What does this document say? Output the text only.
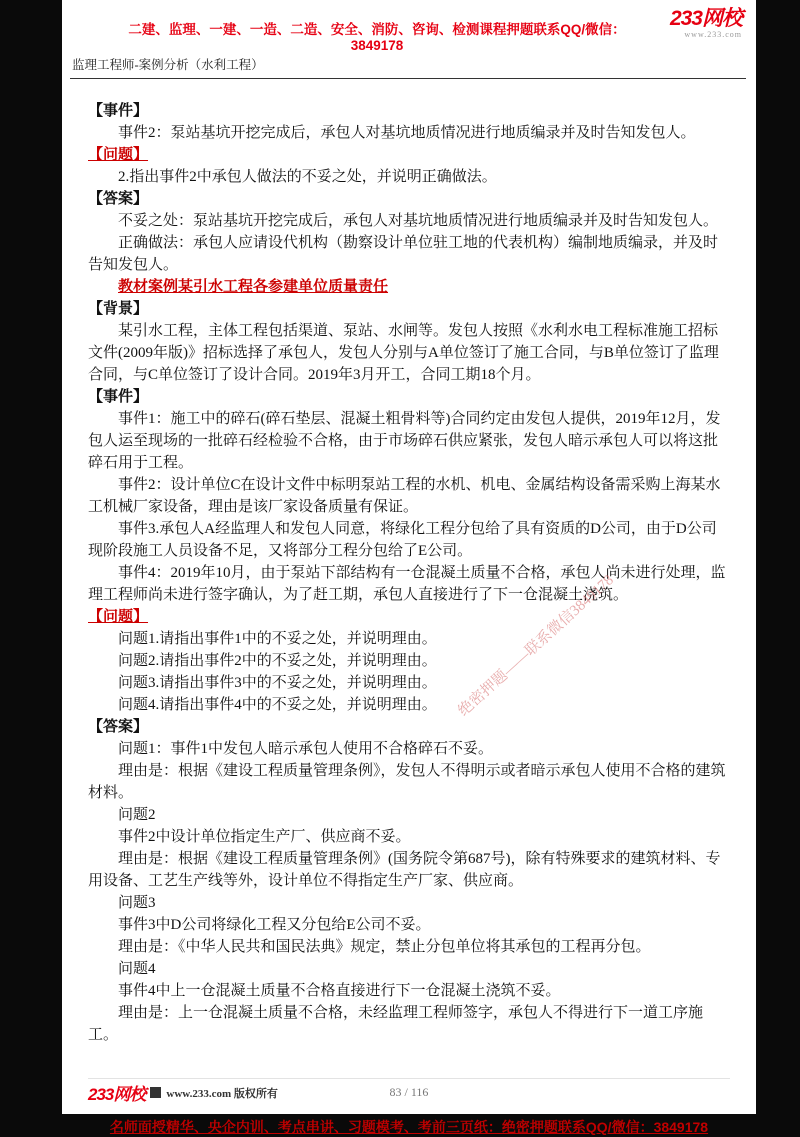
二建、监理、一建、一造、二造、安全、消防、咨询、检测课程押题联系QQ/微信：3849178
233网校
www.233.com
监理工程师-案例分析（水利工程）

【事件】

事件2：泵站基坑开挖完成后，承包人对基坑地质情况进行地质编录并及时告知发包人。

【问题】

2.指出事件2中承包人做法的不妥之处，并说明正确做法。

【答案】

不妥之处：泵站基坑开挖完成后，承包人对基坑地质情况进行地质编录并及时告知发包人。

正确做法：承包人应请设代机构（勘察设计单位驻工地的代表机构）编制地质编录，并及时告知发包人。

教材案例某引水工程各参建单位质量责任

【背景】

某引水工程，主体工程包括渠道、泵站、水闸等。发包人按照《水利水电工程标准施工招标文件(2009年版)》招标选择了承包人，发包人分别与A单位签订了施工合同，与B单位签订了监理合同，与C单位签订了设计合同。2019年3月开工，合同工期18个月。

【事件】

事件1：施工中的碎石(碎石垫层、混凝土粗骨料等)合同约定由发包人提供，2019年12月，发包人运至现场的一批碎石经检验不合格，由于市场碎石供应紧张，发包人暗示承包人可以将这批碎石用于工程。

事件2：设计单位C在设计文件中标明泵站工程的水机、机电、金属结构设备需采购上海某水工机械厂家设备，理由是该厂家设备质量有保证。

事件3.承包人A经监理人和发包人同意，将绿化工程分包给了具有资质的D公司，由于D公司现阶段施工人员设备不足，又将部分工程分包给了E公司。

事件4：2019年10月，由于泵站下部结构有一仓混凝土质量不合格，承包人尚未进行处理，监理工程师尚未进行签字确认，为了赶工期，承包人直接进行了下一仓混凝土浇筑。

【问题】

问题1.请指出事件1中的不妥之处，并说明理由。

问题2.请指出事件2中的不妥之处，并说明理由。

问题3.请指出事件3中的不妥之处，并说明理由。

问题4.请指出事件4中的不妥之处，并说明理由。

【答案】

问题1：事件1中发包人暗示承包人使用不合格碎石不妥。

理由是：根据《建设工程质量管理条例》，发包人不得明示或者暗示承包人使用不合格的建筑材料。

问题2

事件2中设计单位指定生产厂、供应商不妥。

理由是：根据《建设工程质量管理条例》(国务院令第687号)，除有特殊要求的建筑材料、专用设备、工艺生产线等外，设计单位不得指定生产厂家、供应商。

问题3

事件3中D公司将绿化工程又分包给E公司不妥。

理由是：《中华人民共和国民法典》规定，禁止分包单位将其承包的工程再分包。

问题4

事件4中上一仓混凝土质量不合格直接进行下一仓混凝土浇筑不妥。

理由是：上一仓混凝土质量不合格，未经监理工程师签字，承包人不得进行下一道工序施工。

绝密押题——联系微信3849178
233网校 www.233.com 版权所有	83 / 116
名师面授精华、央企内训、考点串讲、习题模考、考前三页纸：绝密押题联系QQ/微信：3849178
